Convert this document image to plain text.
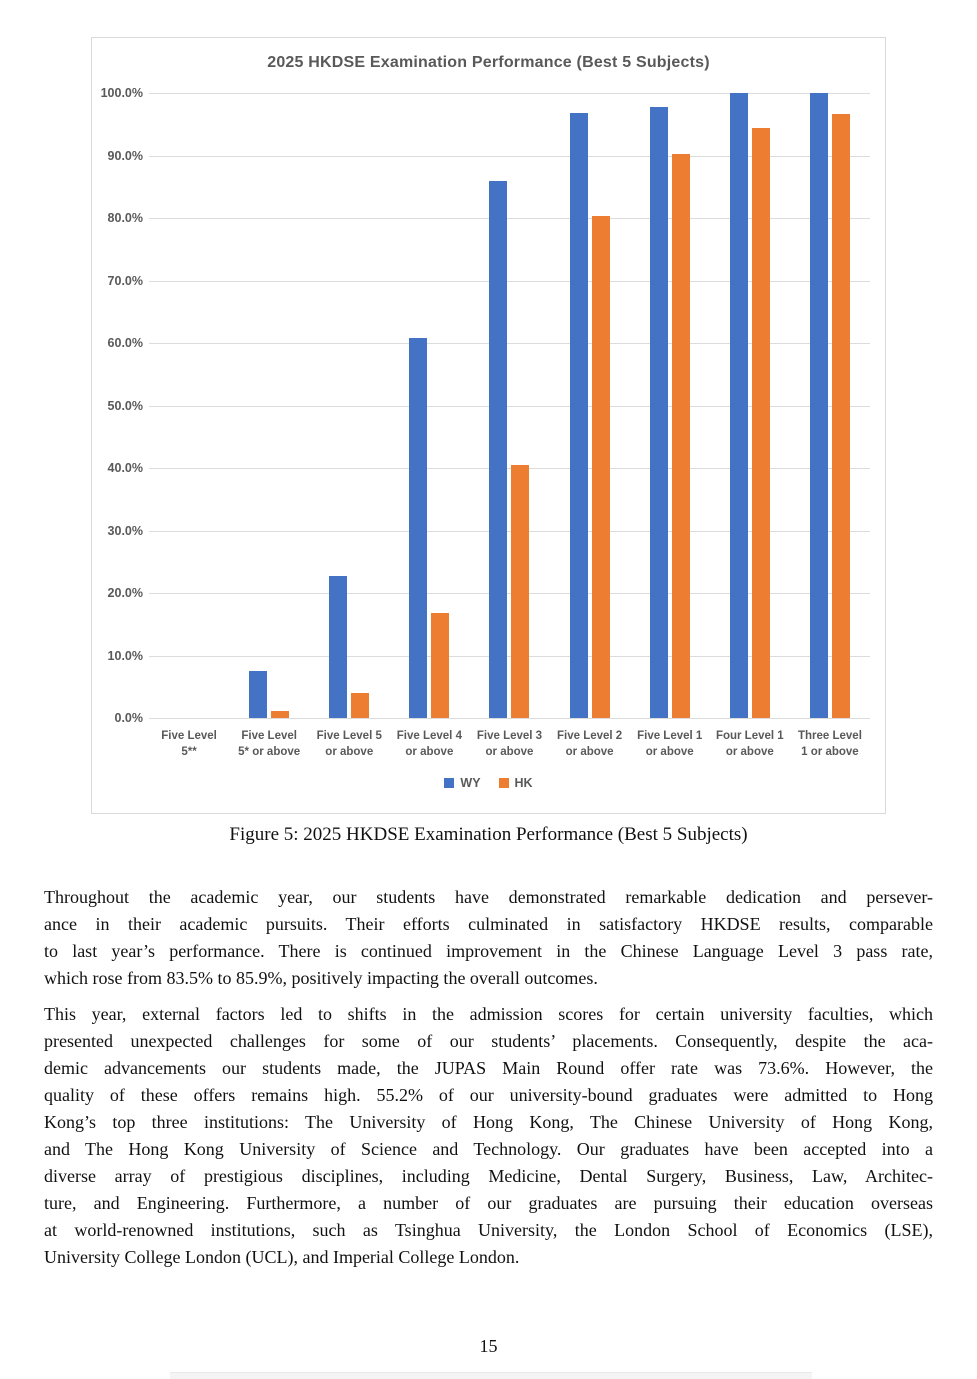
2025 HKDSE Examination Performance (Best 5 Subjects)
100.0%
90.0%
80.0%
70.0%
60.0%
50.0%
40.0%
30.0%
20.0%
10.0%
0.0%
Five Level
5**
Five Level
5* or above
Five Level 5
or above
Five Level 4
or above
Five Level 3
or above
Five Level 2
or above
Five Level 1
or above
Four Level 1
or above
Three Level
1 or above
WY	HK
Figure 5: 2025 HKDSE Examination Performance (Best 5 Subjects)
Throughout the academic year, our students have demonstrated remarkable dedication and persever-
ance in their academic pursuits. Their efforts culminated in satisfactory HKDSE results, comparable
to last year’s performance. There is continued improvement in the Chinese Language Level 3 pass rate,
which rose from 83.5% to 85.9%, positively impacting the overall outcomes.
This year, external factors led to shifts in the admission scores for certain university faculties, which
presented unexpected challenges for some of our students’ placements. Consequently, despite the aca-
demic advancements our students made, the JUPAS Main Round offer rate was 73.6%. However, the
quality of these offers remains high. 55.2% of our university-bound graduates were admitted to Hong
Kong’s top three institutions: The University of Hong Kong, The Chinese University of Hong Kong,
and The Hong Kong University of Science and Technology. Our graduates have been accepted into a
diverse array of prestigious disciplines, including Medicine, Dental Surgery, Business, Law, Architec-
ture, and Engineering. Furthermore, a number of our graduates are pursuing their education overseas
at world-renowned institutions, such as Tsinghua University, the London School of Economics (LSE),
University College London (UCL), and Imperial College London.
15
